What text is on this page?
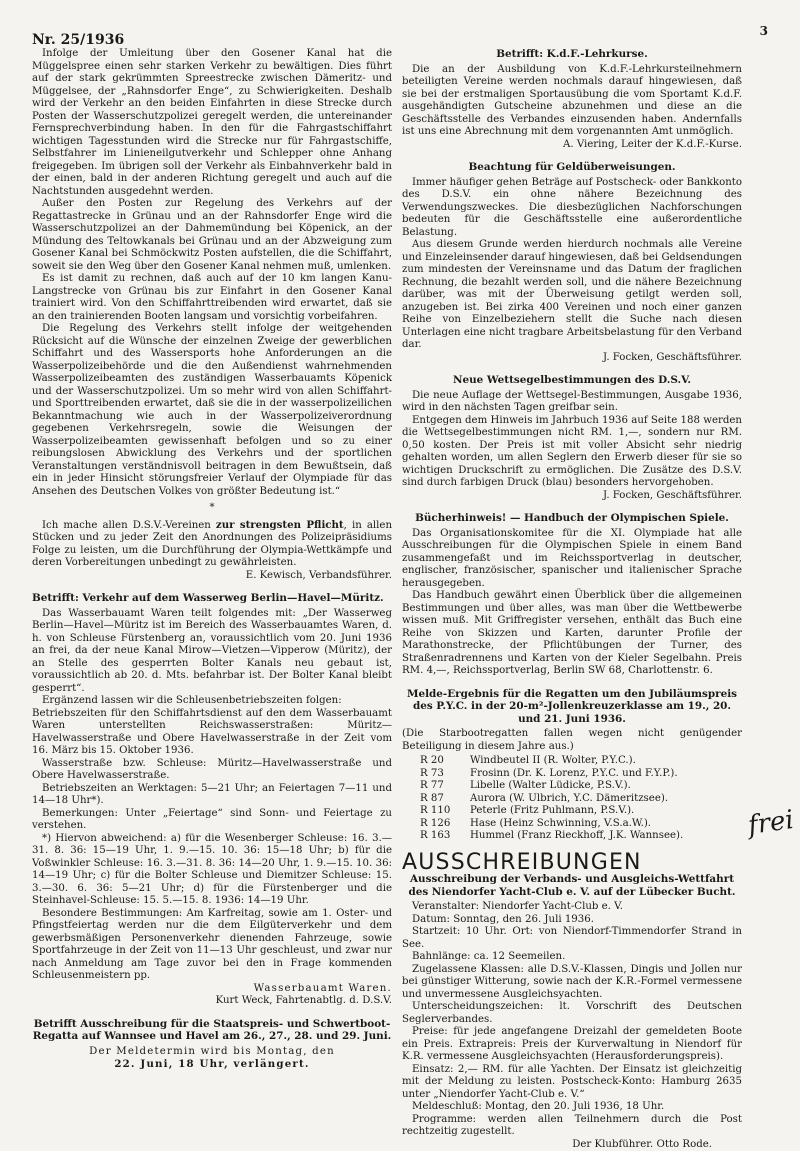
Nr. 25/1936
3

Infolge der Umleitung über den Gosener Kanal hat die Müggelspree einen sehr starken Verkehr zu bewältigen. Dies führt auf der stark gekrümmten Spreestrecke zwischen Dämeritz- und Müggelsee, der „Rahnsdorfer Enge“, zu Schwierigkeiten. Deshalb wird der Verkehr an den beiden Einfahrten in diese Strecke durch Posten der Wasserschutzpolizei geregelt werden, die untereinander Fernsprechverbindung haben. In den für die Fahrgastschiffahrt wichtigen Tagesstunden wird die Strecke nur für Fahrgastschiffe, Selbstfahrer im Linieneilgutverkehr und Schlepper ohne Anhang freigegeben. Im übrigen soll der Verkehr als Einbahnverkehr bald in der einen, bald in der anderen Richtung geregelt und auch auf die Nachtstunden ausgedehnt werden.

Außer den Posten zur Regelung des Verkehrs auf der Regattastrecke in Grünau und an der Rahnsdorfer Enge wird die Wasserschutzpolizei an der Dahmemündung bei Köpenick, an der Mündung des Teltowkanals bei Grünau und an der Abzweigung zum Gosener Kanal bei Schmöckwitz Posten aufstellen, die die Schiffahrt, soweit sie den Weg über den Gosener Kanal nehmen muß, umlenken.

Es ist damit zu rechnen, daß auch auf der 10 km langen Kanu-Langstrecke von Grünau bis zur Einfahrt in den Gosener Kanal trainiert wird. Von den Schiffahrttreibenden wird erwartet, daß sie an den trainierenden Booten langsam und vorsichtig vorbeifahren.

Die Regelung des Verkehrs stellt infolge der weitgehenden Rücksicht auf die Wünsche der einzelnen Zweige der gewerblichen Schiffahrt und des Wassersports hohe Anforderungen an die Wasserpolizeibehörde und die den Außendienst wahrnehmenden Wasserpolizeibeamten des zuständigen Wasserbauamts Köpenick und der Wasserschutzpolizei. Um so mehr wird von allen Schiffahrt- und Sporttreibenden erwartet, daß sie die in der wasserpolizeilichen Bekanntmachung wie auch in der Wasserpolizeiverordnung gegebenen Verkehrsregeln, sowie die Weisungen der Wasserpolizeibeamten gewissenhaft befolgen und so zu einer reibungslosen Abwicklung des Verkehrs und der sportlichen Veranstaltungen verständnisvoll beitragen in dem Bewußtsein, daß ein in jeder Hinsicht störungsfreier Verlauf der Olympiade für das Ansehen des Deutschen Volkes von größter Bedeutung ist.“

*

Ich mache allen D.S.V.-Vereinen zur strengsten Pflicht, in allen Stücken und zu jeder Zeit den Anordnungen des Polizeipräsidiums Folge zu leisten, um die Durchführung der Olympia-Wettkämpfe und deren Vorbereitungen unbedingt zu gewährleisten.

E. Kewisch, Verbandsführer.

Betrifft: Verkehr auf dem Wasserweg Berlin—Havel—Müritz.

Das Wasserbauamt Waren teilt folgendes mit: „Der Wasserweg Berlin—Havel—Müritz ist im Bereich des Wasserbauamtes Waren, d. h. von Schleuse Fürstenberg an, voraussichtlich vom 20. Juni 1936 an frei, da der neue Kanal Mirow—Vietzen—Vipperow (Müritz), der an Stelle des gesperrten Bolter Kanals neu gebaut ist, voraussichtlich ab 20. d. Mts. befahrbar ist. Der Bolter Kanal bleibt gesperrt“.

Ergänzend lassen wir die Schleusenbetriebszeiten folgen:

Betriebszeiten für den Schiffahrtsdienst auf den dem Wasserbauamt Waren unterstellten Reichswasserstraßen: Müritz—Havelwasserstraße und Obere Havelwasserstraße in der Zeit vom 16. März bis 15. Oktober 1936.

Wasserstraße bzw. Schleuse: Müritz—Havelwasserstraße und Obere Havelwasserstraße.

Betriebszeiten an Werktagen: 5—21 Uhr; an Feiertagen 7—11 und 14—18 Uhr*).

Bemerkungen: Unter „Feiertage“ sind Sonn- und Feiertage zu verstehen.

*) Hiervon abweichend: a) für die Wesenberger Schleuse: 16. 3.—31. 8. 36: 15—19 Uhr, 1. 9.—15. 10. 36: 15—18 Uhr; b) für die Voßwinkler Schleuse: 16. 3.—31. 8. 36: 14—20 Uhr, 1. 9.—15. 10. 36: 14—19 Uhr; c) für die Bolter Schleuse und Diemitzer Schleuse: 15. 3.—30. 6. 36: 5—21 Uhr; d) für die Fürstenberger und die Steinhavel-Schleuse: 15. 5.—15. 8. 1936: 14—19 Uhr.

Besondere Bestimmungen: Am Karfreitag, sowie am 1. Oster- und Pfingstfeiertag werden nur die dem Eilgüterverkehr und dem gewerbsmäßigen Personenverkehr dienenden Fahrzeuge, sowie Sportfahrzeuge in der Zeit von 11—13 Uhr geschleust, und zwar nur nach Anmeldung am Tage zuvor bei den in Frage kommenden Schleusenmeistern pp.

Wasserbauamt Waren.

Kurt Weck, Fahrtenabtlg. d. D.S.V.

Betrifft Ausschreibung für die Staatspreis- und Schwertboot-Regatta auf Wannsee und Havel am 26., 27., 28. und 29. Juni.

Der Meldetermin wird bis Montag, den

22. Juni, 18 Uhr, verlängert.

Betrifft: K.d.F.-Lehrkurse.

Die an der Ausbildung von K.d.F.-Lehrkursteilnehmern beteiligten Vereine werden nochmals darauf hingewiesen, daß sie bei der erstmaligen Sportausübung die vom Sportamt K.d.F. ausgehändigten Gutscheine abzunehmen und diese an die Geschäftsstelle des Verbandes einzusenden haben. Andernfalls ist uns eine Abrechnung mit dem vorgenannten Amt unmöglich.

A. Viering, Leiter der K.d.F.-Kurse.

Beachtung für Geldüberweisungen.

Immer häufiger gehen Beträge auf Postscheck- oder Bankkonto des D.S.V. ein ohne nähere Bezeichnung des Verwendungszweckes. Die diesbezüglichen Nachforschungen bedeuten für die Geschäftsstelle eine außerordentliche Belastung.

Aus diesem Grunde werden hierdurch nochmals alle Vereine und Einzeleinsender darauf hingewiesen, daß bei Geldsendungen zum mindesten der Vereinsname und das Datum der fraglichen Rechnung, die bezahlt werden soll, und die nähere Bezeichnung darüber, was mit der Überweisung getilgt werden soll, anzugeben ist. Bei zirka 400 Vereinen und noch einer ganzen Reihe von Einzelbeziehern stellt die Suche nach diesen Unterlagen eine nicht tragbare Arbeitsbelastung für den Verband dar.

J. Focken, Geschäftsführer.

Neue Wettsegelbestimmungen des D.S.V.

Die neue Auflage der Wettsegel-Bestimmungen, Ausgabe 1936, wird in den nächsten Tagen greifbar sein.

Entgegen dem Hinweis im Jahrbuch 1936 auf Seite 188 werden die Wettsegelbestimmungen nicht RM. 1,—, sondern nur RM. 0,50 kosten. Der Preis ist mit voller Absicht sehr niedrig gehalten worden, um allen Seglern den Erwerb dieser für sie so wichtigen Druckschrift zu ermöglichen. Die Zusätze des D.S.V. sind durch farbigen Druck (blau) besonders hervorgehoben.

J. Focken, Geschäftsführer.

Bücherhinweis! — Handbuch der Olympischen Spiele.

Das Organisationskomitee für die XI. Olympiade hat alle Ausschreibungen für die Olympischen Spiele in einem Band zusammengefaßt und im Reichssportverlag in deutscher, englischer, französischer, spanischer und italienischer Sprache herausgegeben.

Das Handbuch gewährt einen Überblick über die allgemeinen Bestimmungen und über alles, was man über die Wettbewerbe wissen muß. Mit Griffregister versehen, enthält das Buch eine Reihe von Skizzen und Karten, darunter Profile der Marathonstrecke, der Pflichtübungen der Turner, des Straßenradrennens und Karten von der Kieler Segelbahn. Preis RM. 4,—, Reichssportverlag, Berlin SW 68, Charlottenstr. 6.

Melde-Ergebnis für die Regatten um den Jubiläumspreis des P.Y.C. in der 20-m²-Jollenkreuzerklasse am 19., 20. und 21. Juni 1936.

(Die Starbootregatten fallen wegen nicht genügender Beteiligung in diesem Jahre aus.)

R 20	Windbeutel II (R. Wolter, P.Y.C.).
R 73	Frosinn (Dr. K. Lorenz, P.Y.C. und F.Y.P.).
R 77	Libelle (Walter Lüdicke, P.S.V.).
R 87	Aurora (W. Ulbrich, Y.C. Dämeritzsee).
R 110	Peterle (Fritz Puhlmann, P.S.V.).
R 126	Hase (Heinz Schwinning, V.S.a.W.).
R 163	Hummel (Franz Rieckhoff, J.K. Wannsee).
AUSSCHREIBUNGEN
Ausschreibung der Verbands- und Ausgleichs-Wettfahrt des Niendorfer Yacht-Club e. V. auf der Lübecker Bucht.

Veranstalter: Niendorfer Yacht-Club e. V.

Datum: Sonntag, den 26. Juli 1936.

Startzeit: 10 Uhr. Ort: von Niendorf-Timmendorfer Strand in See.

Bahnlänge: ca. 12 Seemeilen.

Zugelassene Klassen: alle D.S.V.-Klassen, Dingis und Jollen nur bei günstiger Witterung, sowie nach der K.R.-Formel vermessene und unvermessene Ausgleichsyachten.

Unterscheidungszeichen: lt. Vorschrift des Deutschen Seglerverbandes.

Preise: für jede angefangene Dreizahl der gemeldeten Boote ein Preis. Extrapreis: Preis der Kurverwaltung in Niendorf für K.R. vermessene Ausgleichsyachten (Herausforderungspreis).

Einsatz: 2,— RM. für alle Yachten. Der Einsatz ist gleichzeitig mit der Meldung zu leisten. Postscheck-Konto: Hamburg 2635 unter „Niendorfer Yacht-Club e. V.“

Meldeschluß: Montag, den 20. Juli 1936, 18 Uhr.

Programme: werden allen Teilnehmern durch die Post rechtzeitig zugestellt.

Der Klubführer. Otto Rode.

frei
